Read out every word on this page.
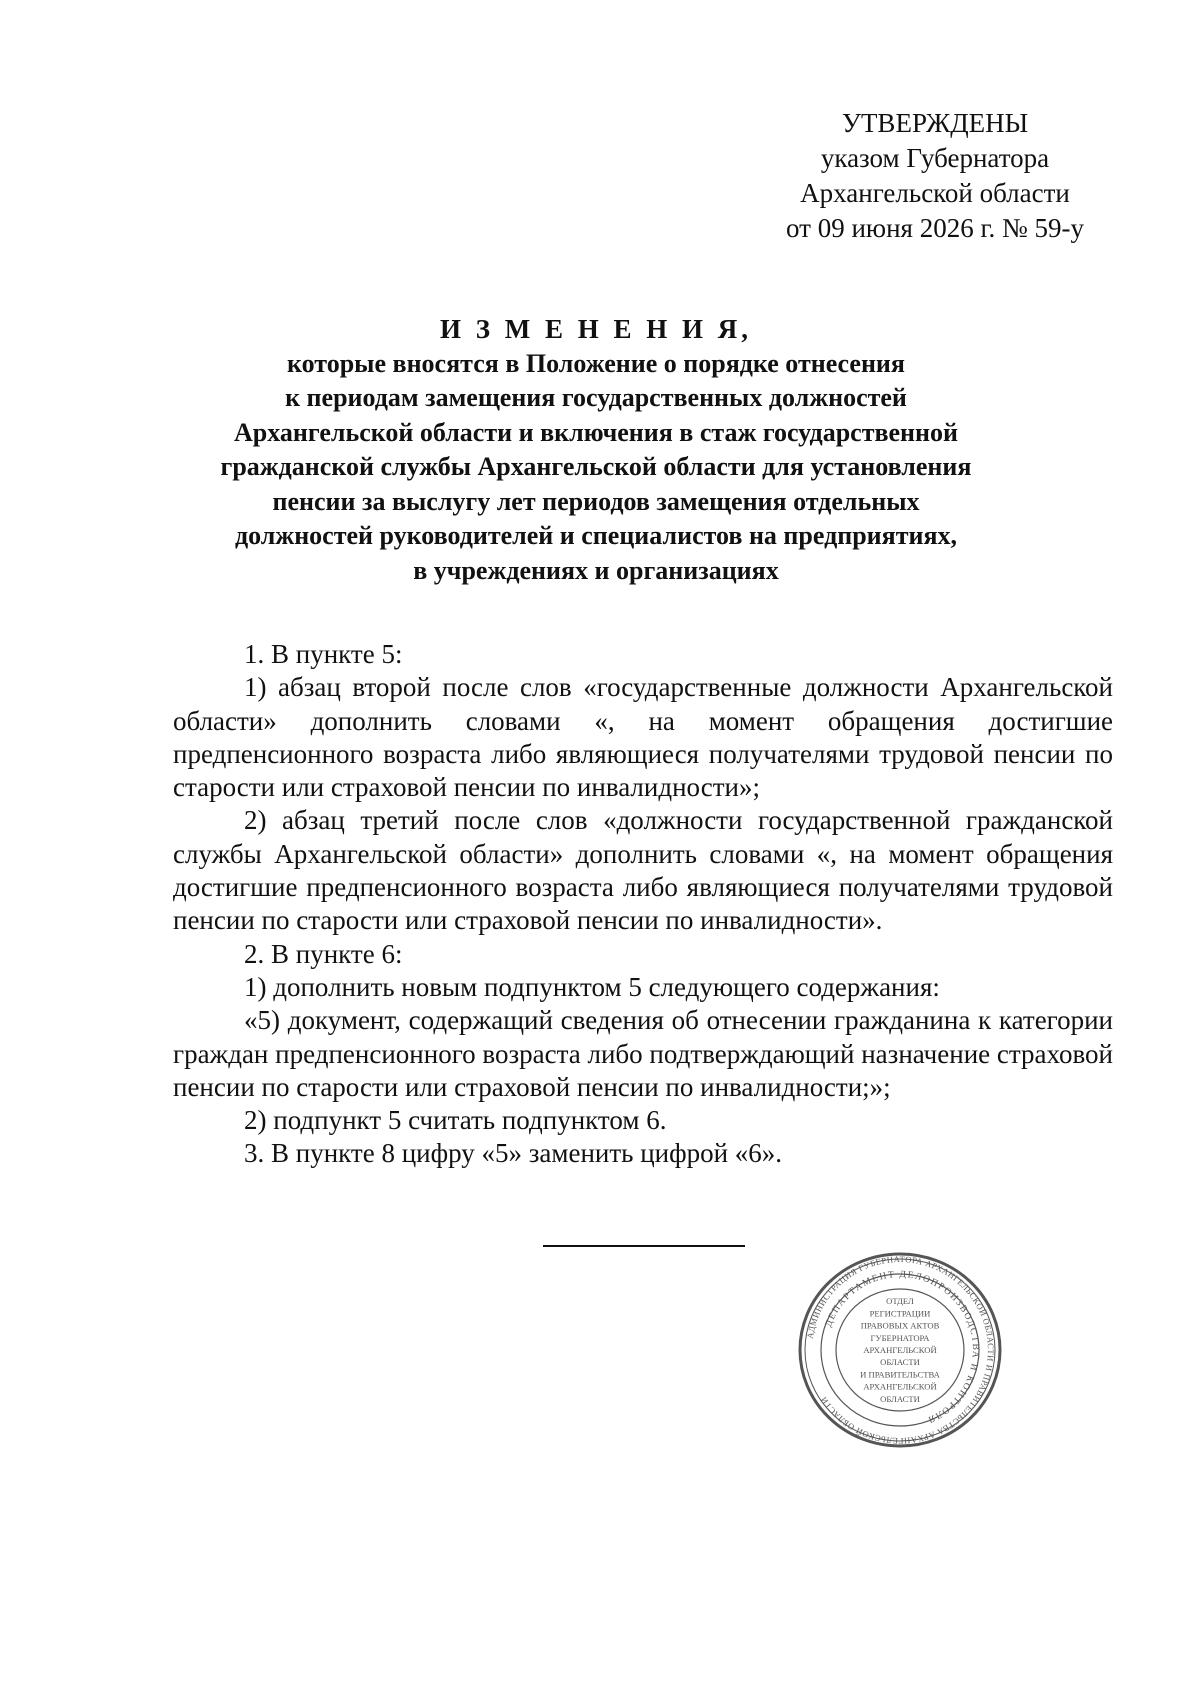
УТВЕРЖДЕНЫ
указом Губернатора
Архангельской области
от 09 июня 2026 г. № 59-у
И З М Е Н Е Н И Я,
которые вносятся в Положение о порядке отнесения
к периодам замещения государственных должностей
Архангельской области и включения в стаж государственной
гражданской службы Архангельской области для установления
пенсии за выслугу лет периодов замещения отдельных
должностей руководителей и специалистов на предприятиях,
в учреждениях и организациях

1. В пункте 5:

1) абзац второй после слов «государственные должности Архангельской области» дополнить словами «, на момент обращения достигшие предпенсионного возраста либо являющиеся получателями трудовой пенсии по старости или страховой пенсии по инвалидности»;

2) абзац третий после слов «должности государственной гражданской службы Архангельской области» дополнить словами «, на момент обращения достигшие предпенсионного возраста либо являющиеся получателями трудовой пенсии по старости или страховой пенсии по инвалидности».

2. В пункте 6:

1) дополнить новым подпунктом 5 следующего содержания:

«5) документ, содержащий сведения об отнесении гражданина к категории граждан предпенсионного возраста либо подтверждающий назначение страховой пенсии по старости или страховой пенсии по инвалидности;»;

2) подпункт 5 считать подпунктом 6.

3. В пункте 8 цифру «5» заменить цифрой «6».

АДМИНИСТРАЦИЯ ГУБЕРНАТОРА АРХАНГЕЛЬСКОЙ ОБЛАСТИ И ПРАВИТЕЛЬСТВА АРХАНГЕЛЬСКОЙ ОБЛАСТИ
ДЕПАРТАМЕНТ ДЕЛОПРОИЗВОДСТВА И КОНТРОЛЯ
ОТДЕЛ
РЕГИСТРАЦИИ
ПРАВОВЫХ АКТОВ
ГУБЕРНАТОРА
АРХАНГЕЛЬСКОЙ
ОБЛАСТИ
И ПРАВИТЕЛЬСТВА
АРХАНГЕЛЬСКОЙ
ОБЛАСТИ
